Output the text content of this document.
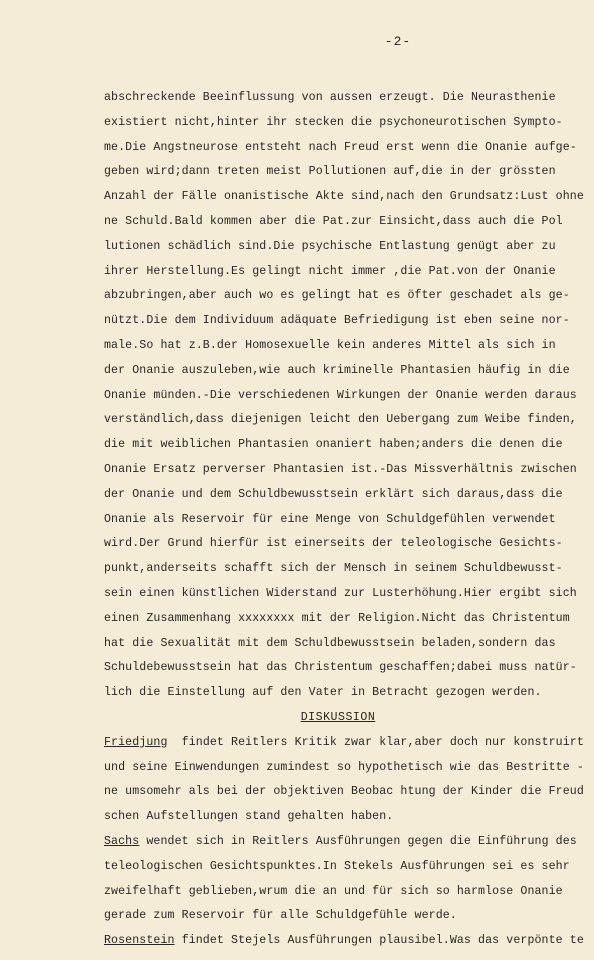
-2-
abschreckende Beeinflussung von aussen erzeugt. Die Neurasthenie
existiert nicht,hinter ihr stecken die psychoneurotischen Sympto-
me.Die Angstneurose entsteht nach Freud erst wenn die Onanie aufge-
geben wird;dann treten meist Pollutionen auf,die in der grössten
Anzahl der Fälle onanistische Akte sind,nach den Grundsatz:Lust ohne
ne Schuld.Bald kommen aber die Pat.zur Einsicht,dass auch die Pol
lutionen schädlich sind.Die psychische Entlastung genügt aber zu
ihrer Herstellung.Es gelingt nicht immer ,die Pat.von der Onanie
abzubringen,aber auch wo es gelingt hat es öfter geschadet als ge-
nützt.Die dem Individuum adäquate Befriedigung ist eben seine nor-
male.So hat z.B.der Homosexuelle kein anderes Mittel als sich in
der Onanie auszuleben,wie auch kriminelle Phantasien häufig in die
Onanie münden.-Die verschiedenen Wirkungen der Onanie werden daraus
verständlich,dass diejenigen leicht den Uebergang zum Weibe finden,
die mit weiblichen Phantasien onaniert haben;anders die denen die
Onanie Ersatz perverser Phantasien ist.-Das Missverhältnis zwischen
der Onanie und dem Schuldbewusstsein erklärt sich daraus,dass die
Onanie als Reservoir für eine Menge von Schuldgefühlen verwendet
wird.Der Grund hierfür ist einerseits der teleologische Gesichts-
punkt,anderseits schafft sich der Mensch in seinem Schuldbewusst-
sein einen künstlichen Widerstand zur Lusterhöhung.Hier ergibt sich
einen Zusammenhang xxxxxxxx mit der Religion.Nicht das Christentum
hat die Sexualität mit dem Schuldbewusstsein beladen,sondern das
Schuldebewusstsein hat das Christentum geschaffen;dabei muss natür-
lich die Einstellung auf den Vater in Betracht gezogen werden.
DISKUSSION
Friedjung  findet Reitlers Kritik zwar klar,aber doch nur konstruirt
und seine Einwendungen zumindest so hypothetisch wie das Bestritte -
ne umsomehr als bei der objektiven Beobac htung der Kinder die Freud
schen Aufstellungen stand gehalten haben.
Sachs wendet sich in Reitlers Ausführungen gegen die Einführung des
teleologischen Gesichtspunktes.In Stekels Ausführungen sei es sehr
zweifelhaft geblieben,wrum die an und für sich so harmlose Onanie
gerade zum Reservoir für alle Schuldgefühle werde.
Rosenstein findet Stejels Ausführungen plausibel.Was das verpönte te
